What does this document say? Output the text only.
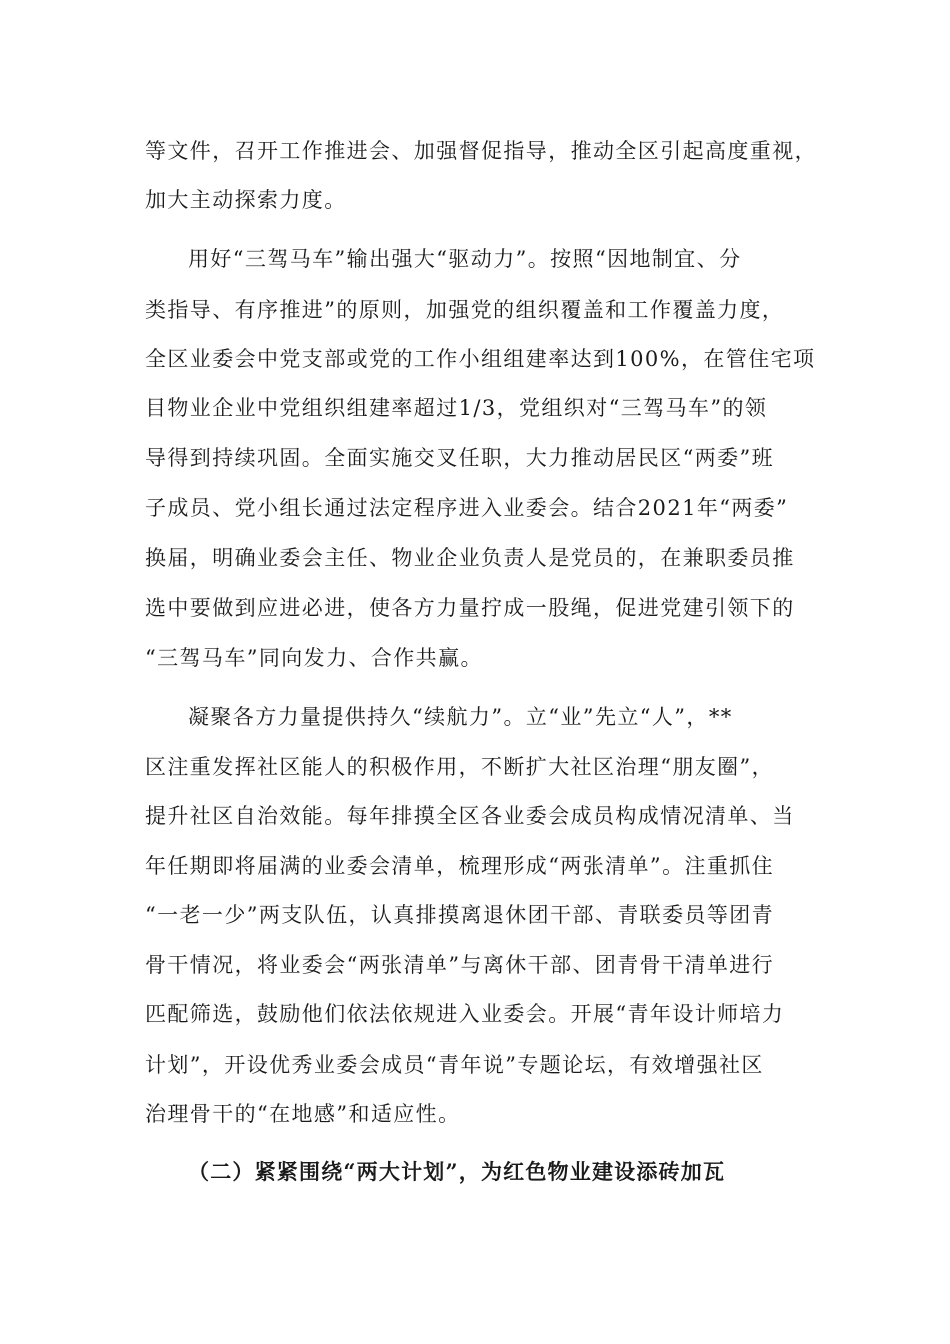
等文件，召开工作推进会、加强督促指导，推动全区引起高度重视，
加大主动探索力度。
用好“三驾马车”输出强大“驱动力”。按照“因地制宜、分
类指导、有序推进”的原则，加强党的组织覆盖和工作覆盖力度，
全区业委会中党支部或党的工作小组组建率达到100%，在管住宅项
目物业企业中党组织组建率超过1/3，党组织对“三驾马车”的领
导得到持续巩固。全面实施交叉任职，大力推动居民区“两委”班
子成员、党小组长通过法定程序进入业委会。结合2021年“两委”
换届，明确业委会主任、物业企业负责人是党员的，在兼职委员推
选中要做到应进必进，使各方力量拧成一股绳，促进党建引领下的
“三驾马车”同向发力、合作共赢。
凝聚各方力量提供持久“续航力”。立“业”先立“人”，**
区注重发挥社区能人的积极作用，不断扩大社区治理“朋友圈”，
提升社区自治效能。每年排摸全区各业委会成员构成情况清单、当
年任期即将届满的业委会清单，梳理形成“两张清单”。注重抓住
“一老一少”两支队伍，认真排摸离退休团干部、青联委员等团青
骨干情况，将业委会“两张清单”与离休干部、团青骨干清单进行
匹配筛选，鼓励他们依法依规进入业委会。开展“青年设计师培力
计划”，开设优秀业委会成员“青年说”专题论坛，有效增强社区
治理骨干的“在地感”和适应性。
（二）紧紧围绕“两大计划”，为红色物业建设添砖加瓦
